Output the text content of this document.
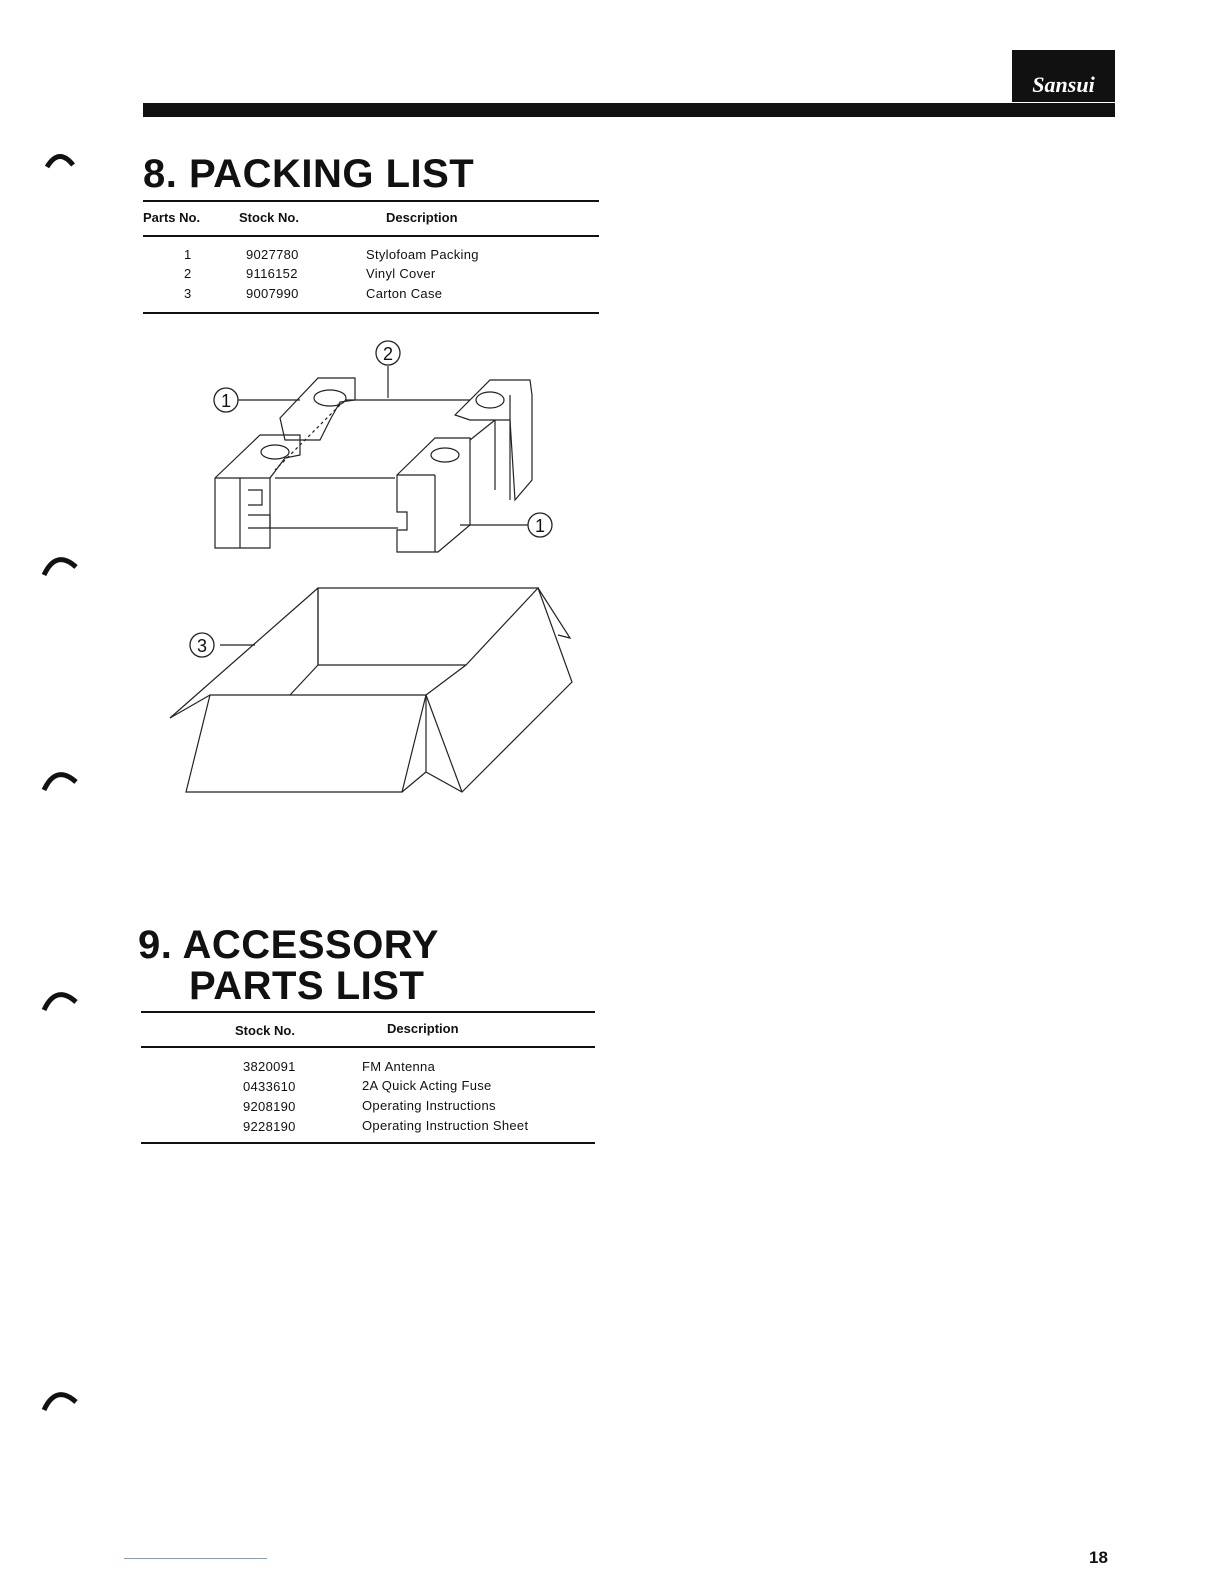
Sansui
8. PACKING LIST
Parts No.	Stock No.	Description
1	9027780	Stylofoam Packing
2	9116152	Vinyl Cover
3	9007990	Carton Case
1
2
1
3
9. ACCESSORY
PARTS LIST
Stock No.	Description
3820091	FM Antenna
0433610	2A Quick Acting Fuse
9208190	Operating Instructions
9228190	Operating Instruction Sheet
18
